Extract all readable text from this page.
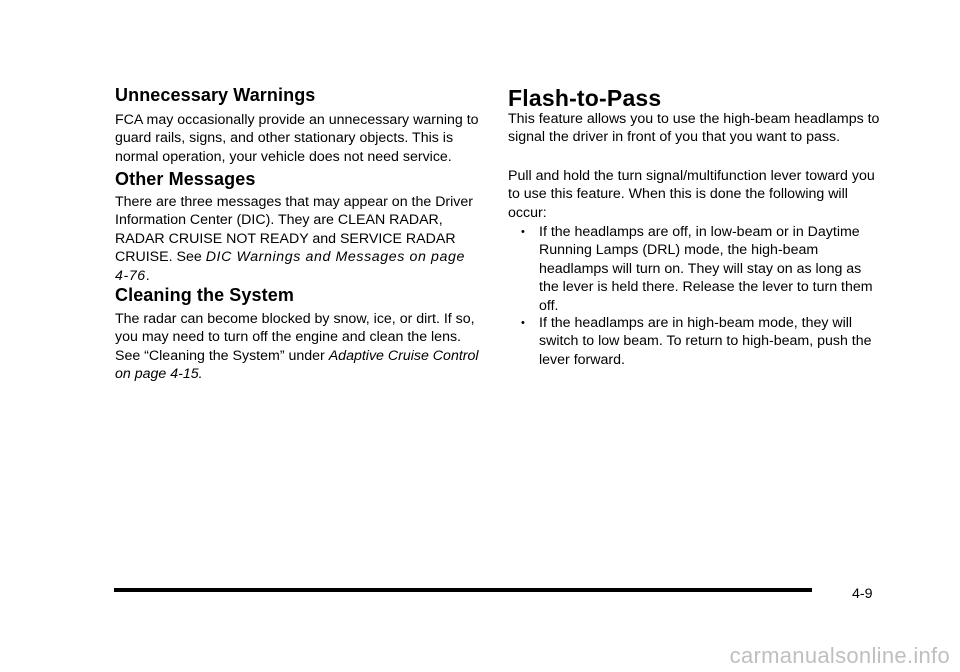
Unnecessary Warnings

FCA may occasionally provide an unnecessary warning to guard rails, signs, and other stationary objects. This is normal operation, your vehicle does not need service.

Other Messages

There are three messages that may appear on the Driver Information Center (DIC). They are CLEAN RADAR, RADAR CRUISE NOT READY and SERVICE RADAR CRUISE. See DIC Warnings and Messages on page 4-76.

Cleaning the System

The radar can become blocked by snow, ice, or dirt. If so, you may need to turn off the engine and clean the lens. See “Cleaning the System” under Adaptive Cruise Control on page 4-15.

Flash-to-Pass

This feature allows you to use the high-beam headlamps to signal the driver in front of you that you want to pass.

Pull and hold the turn signal/multifunction lever toward you to use this feature. When this is done the following will occur:

• If the headlamps are off, in low-beam or in Daytime Running Lamps (DRL) mode, the high-beam headlamps will turn on. They will stay on as long as the lever is held there. Release the lever to turn them off.

• If the headlamps are in high-beam mode, they will switch to low beam. To return to high-beam, push the lever forward.

4-9
carmanualsonline.info
